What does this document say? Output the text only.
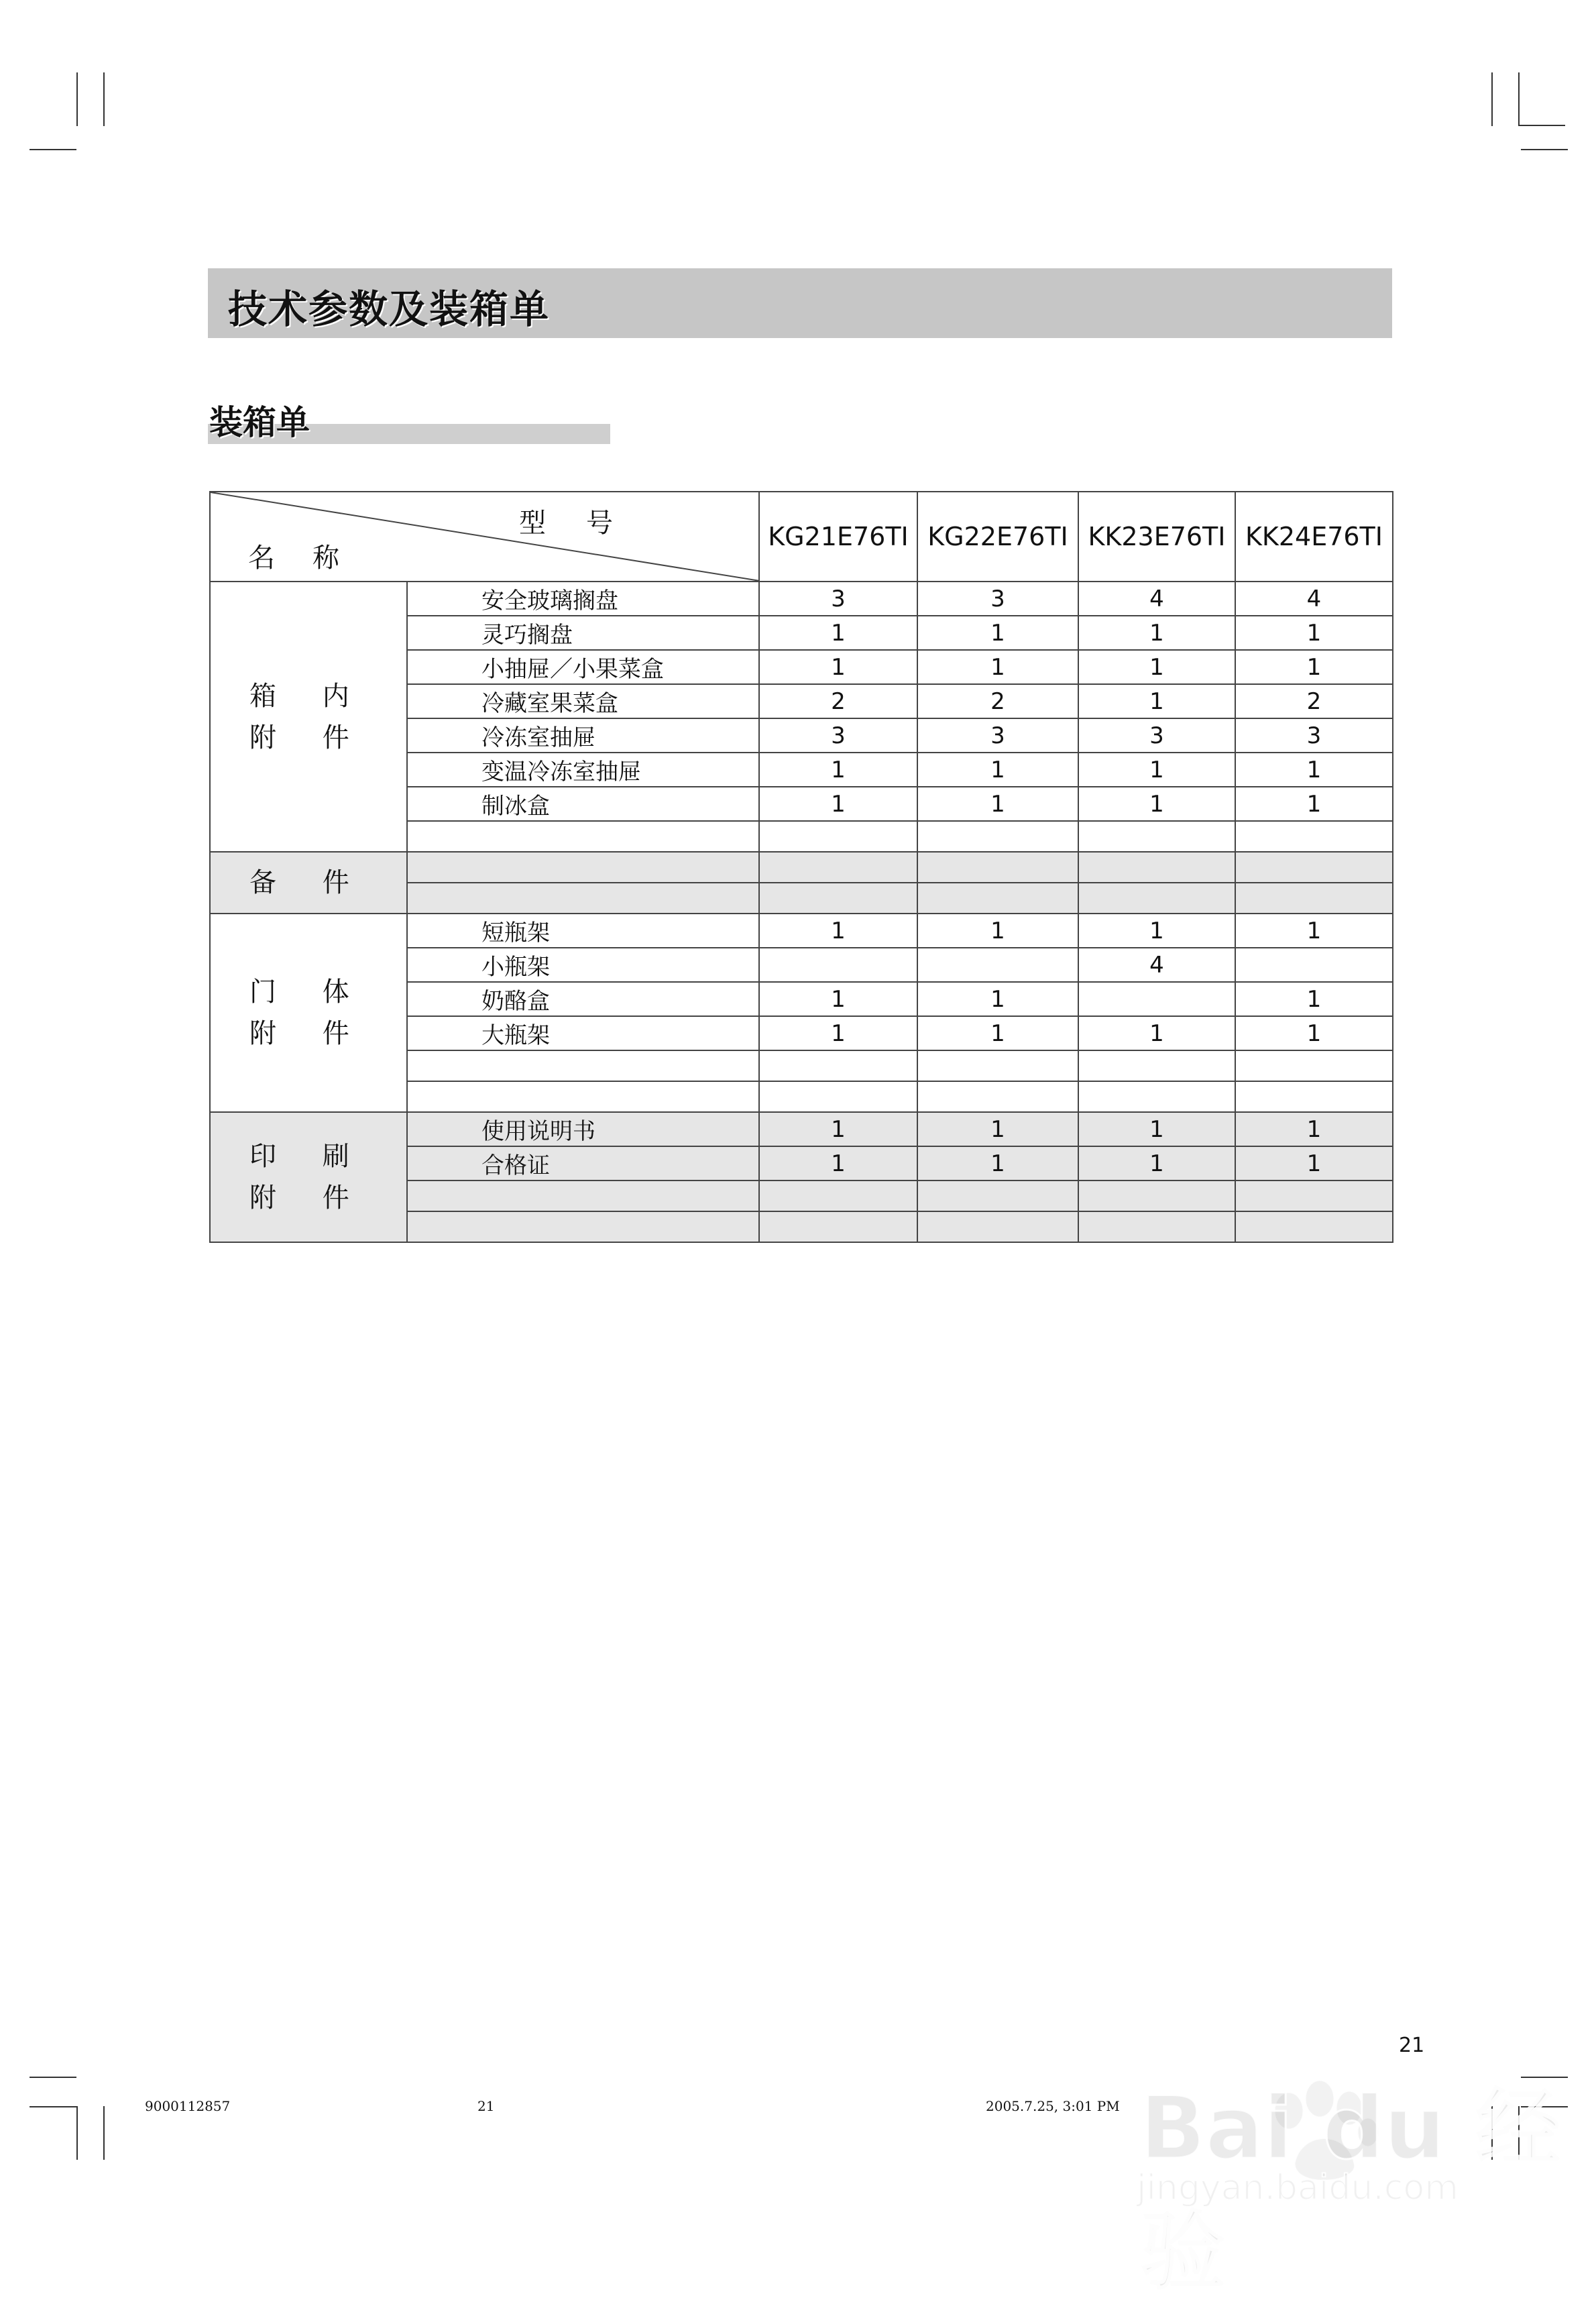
技术参数及装箱单
装箱单
型号
名称		KG21E76TI	KG22E76TI	KK23E76TI	KK24E76TI

箱 内
附 件	安全玻璃搁盘	3	3	4	4
	灵巧搁盘	1	1	1	1
	小抽屉／小果菜盒	1	1	1	1
	冷藏室果菜盒	2	2	1	2
	冷冻室抽屉	3	3	3	3
	变温冷冻室抽屉	1	1	1	1
	制冰盒	1	1	1	1

备 件					

门 体
附 件	短瓶架	1	1	1	1
	小瓶架			4	
	奶酪盒	1	1		1
	大瓶架	1	1	1	1

印 刷
附 件	使用说明书	1	1	1	1
	合格证	1	1	1	1

21
9000112857	21	2005.7.25, 3:01 PM Bai du 经验
jingyan.baidu.com
